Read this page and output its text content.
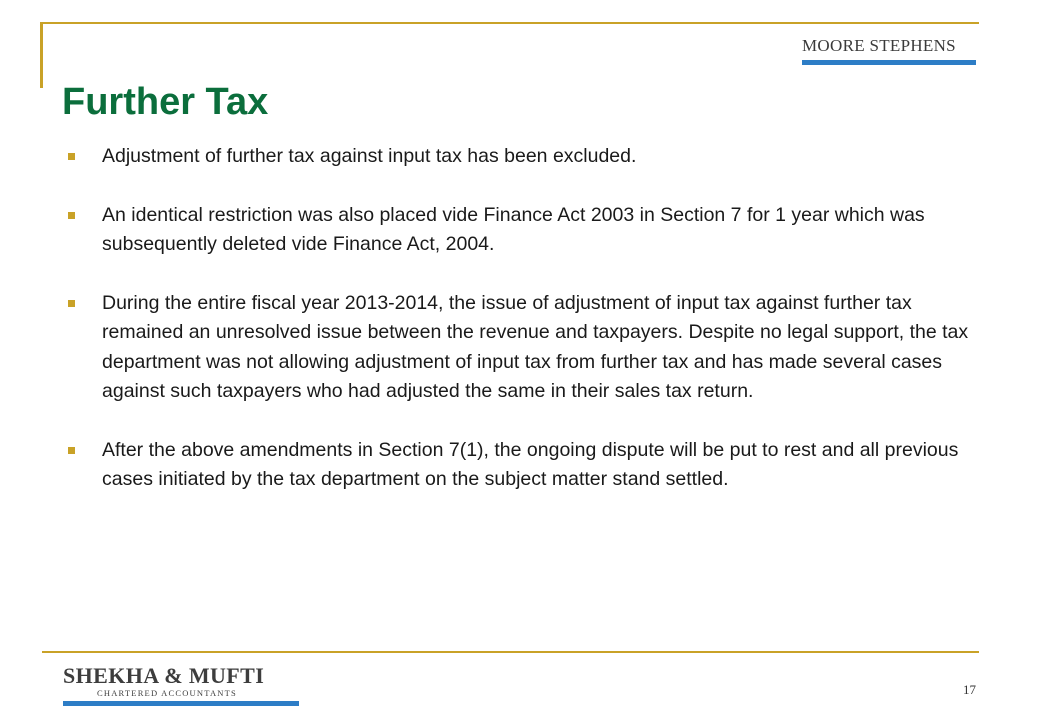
MOORE STEPHENS
Further Tax
Adjustment of further tax against input tax has been excluded.
An identical restriction was also placed vide Finance Act 2003 in Section 7 for 1 year which was subsequently deleted vide Finance Act, 2004.
During the entire fiscal year 2013-2014, the issue of adjustment of input tax against further tax remained an unresolved issue between the revenue and taxpayers. Despite no legal support, the tax department was not allowing adjustment of input tax from further tax and has made several cases against such taxpayers who had adjusted the same in their sales tax return.
After the above amendments in Section 7(1), the ongoing dispute will be put to rest and all previous cases initiated by the tax department on the subject matter stand settled.
SHEKHA & MUFTI
CHARTERED ACCOUNTANTS	17
